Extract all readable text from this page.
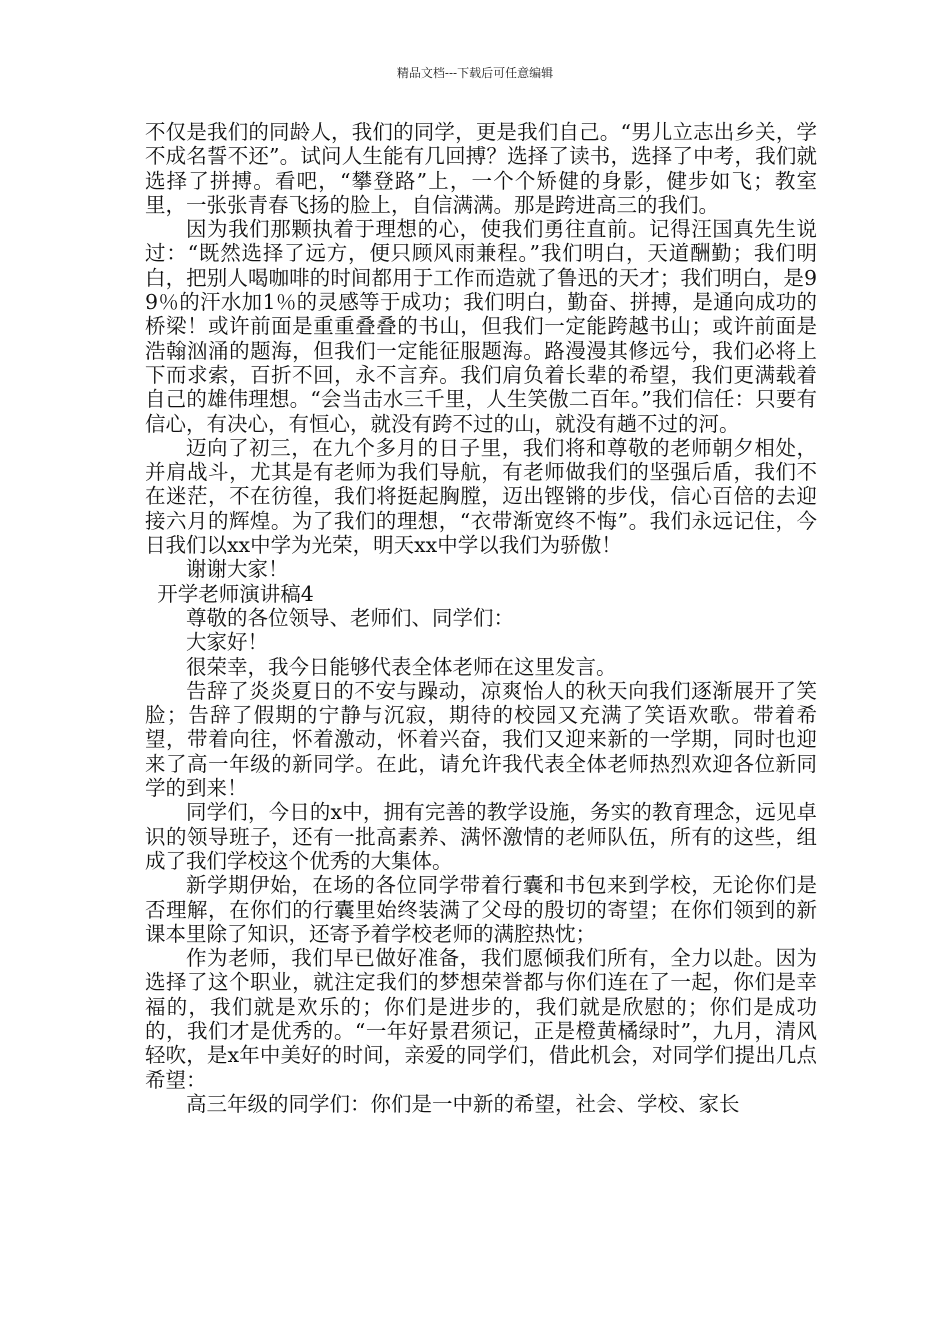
精品文档---下载后可任意编辑

不仅是我们的同龄人，我们的同学，更是我们自己。“男儿立志出乡关，学不成名誓不还”。试问人生能有几回搏？选择了读书，选择了中考，我们就选择了拼搏。看吧，“攀登路”上，一个个矫健的身影，健步如飞；教室里，一张张青春飞扬的脸上，自信满满。那是跨进高三的我们。

因为我们那颗执着于理想的心，使我们勇往直前。记得汪国真先生说过：“既然选择了远方，便只顾风雨兼程。”我们明白，天道酬勤；我们明白，把别人喝咖啡的时间都用于工作而造就了鲁迅的天才；我们明白，是99％的汗水加1％的灵感等于成功；我们明白，勤奋、拼搏，是通向成功的桥梁！或许前面是重重叠叠的书山，但我们一定能跨越书山；或许前面是浩翰汹涌的题海，但我们一定能征服题海。路漫漫其修远兮，我们必将上下而求索，百折不回，永不言弃。我们肩负着长辈的希望，我们更满载着自己的雄伟理想。“会当击水三千里，人生笑傲二百年。”我们信任：只要有信心，有决心，有恒心，就没有跨不过的山，就没有趟不过的河。

迈向了初三，在九个多月的日子里，我们将和尊敬的老师朝夕相处，并肩战斗，尤其是有老师为我们导航，有老师做我们的坚强后盾，我们不在迷茫，不在彷徨，我们将挺起胸膛，迈出铿锵的步伐，信心百倍的去迎接六月的辉煌。为了我们的理想，“衣带渐宽终不悔”。我们永远记住，今日我们以xx中学为光荣，明天xx中学以我们为骄傲！

谢谢大家！

开学老师演讲稿4

尊敬的各位领导、老师们、同学们：

大家好！

很荣幸，我今日能够代表全体老师在这里发言。

告辞了炎炎夏日的不安与躁动，凉爽怡人的秋天向我们逐渐展开了笑脸；告辞了假期的宁静与沉寂，期待的校园又充满了笑语欢歌。带着希望，带着向往，怀着激动，怀着兴奋，我们又迎来新的一学期，同时也迎来了高一年级的新同学。在此，请允许我代表全体老师热烈欢迎各位新同学的到来！

同学们，今日的x中，拥有完善的教学设施，务实的教育理念，远见卓识的领导班子，还有一批高素养、满怀激情的老师队伍，所有的这些，组成了我们学校这个优秀的大集体。

新学期伊始，在场的各位同学带着行囊和书包来到学校，无论你们是否理解，在你们的行囊里始终装满了父母的殷切的寄望；在你们领到的新课本里除了知识，还寄予着学校老师的满腔热忱；

作为老师，我们早已做好准备，我们愿倾我们所有，全力以赴。因为选择了这个职业，就注定我们的梦想荣誉都与你们连在了一起，你们是幸福的，我们就是欢乐的；你们是进步的，我们就是欣慰的；你们是成功的，我们才是优秀的。“一年好景君须记，正是橙黄橘绿时”，九月，清风轻吹，是x年中美好的时间，亲爱的同学们，借此机会，对同学们提出几点希望：

高三年级的同学们：你们是一中新的希望，社会、学校、家长
